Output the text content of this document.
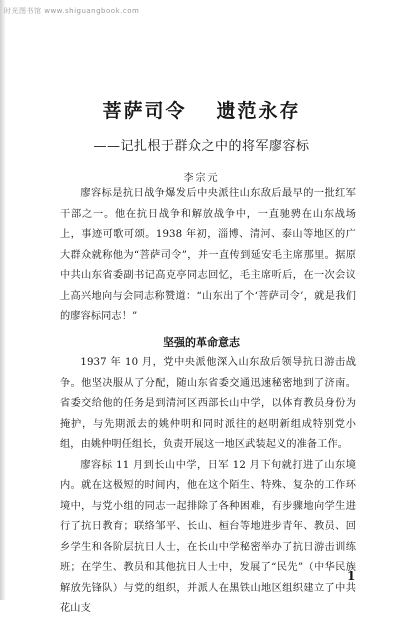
时光图书馆 www.shiguangbook.com
菩萨司令 遗范永存
——记扎根于群众之中的将军廖容标
李宗元

廖容标是抗日战争爆发后中央派往山东敌后最早的一批红军干部之一。他在抗日战争和解放战争中，一直驰骋在山东战场上，事迹可歌可颂。1938 年初，淄博、清河、泰山等地区的广大群众就称他为“菩萨司令”，并一直传到延安毛主席那里。据原中共山东省委副书记高克亭同志回忆，毛主席听后，在一次会议上高兴地向与会同志称赞道：“山东出了个‘菩萨司令’，就是我们的廖容标同志！”

坚强的革命意志

1937 年 10 月，党中央派他深入山东敌后领导抗日游击战争。他坚决服从了分配，随山东省委交通迅速秘密地到了济南。省委交给他的任务是到清河区西部长山中学，以体育教员身份为掩护，与先期派去的姚仲明和同时派往的赵明新组成特别党小组，由姚仲明任组长，负责开展这一地区武装起义的准备工作。

廖容标 11 月到长山中学，日军 12 月下旬就打进了山东境内。就在这极短的时间内，他在这个陌生、特殊、复杂的工作环境中，与党小组的同志一起排除了各种困难，有步骤地向学生进行了抗日教育；联络邹平、长山、桓台等地进步青年、教员、回乡学生和各阶层抗日人士，在长山中学秘密举办了抗日游击训练班；在学生、教员和其他抗日人士中，发展了“民先”（中华民族解放先锋队）与党的组织，并派人在黑铁山地区组织建立了中共花山支

1
